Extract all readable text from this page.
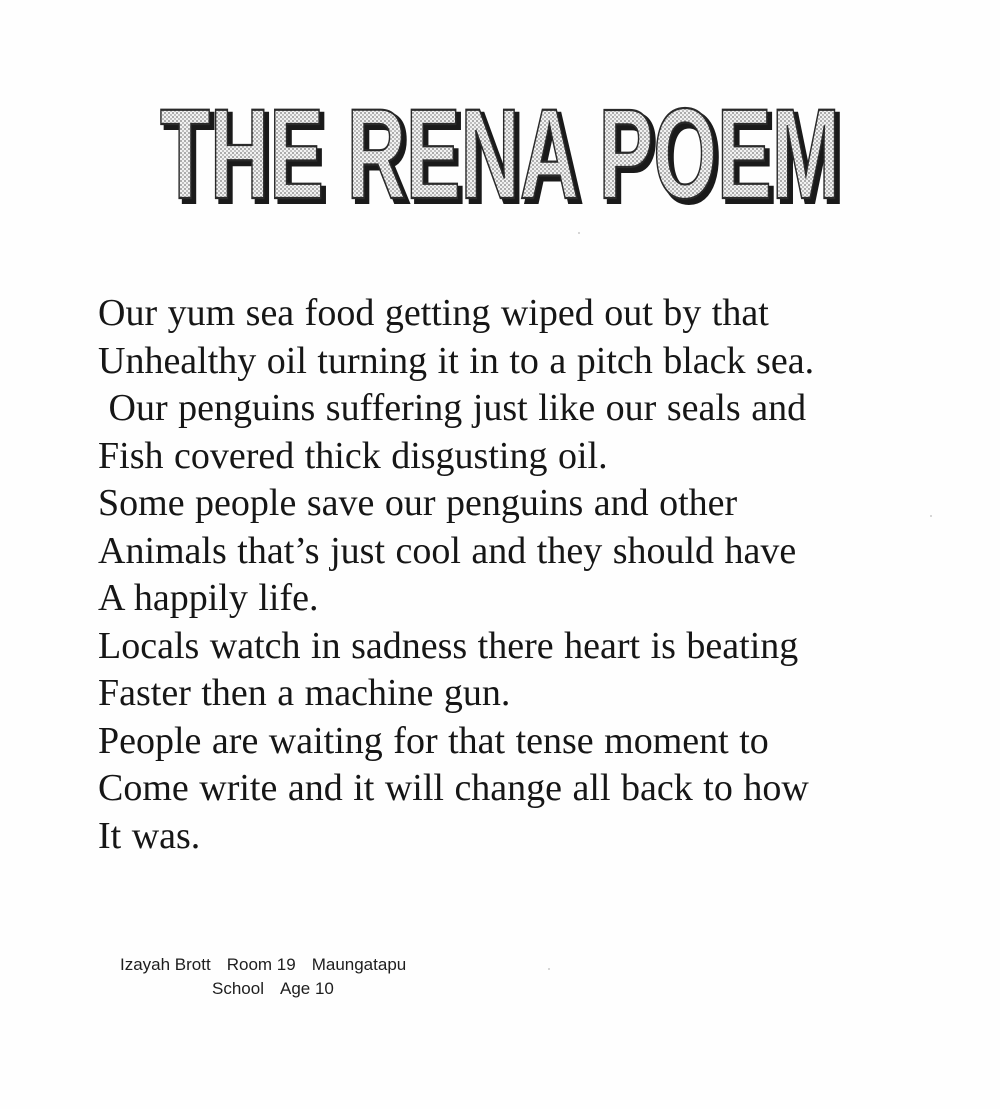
THE RENA POEM
THE RENA POEM
Our yum sea food getting wiped out by that
Unhealthy oil turning it in to a pitch black sea.
Our penguins suffering just like our seals and
Fish covered thick disgusting oil.
Some people save our penguins and other
Animals that’s just cool and they should have
A happily life.
Locals watch in sadness there heart is beating
Faster then a machine gun.
People are waiting for that tense moment to
Come write and it will change all back to how
It was.
Izayah Brott Room 19 Maungatapu
School Age 10
